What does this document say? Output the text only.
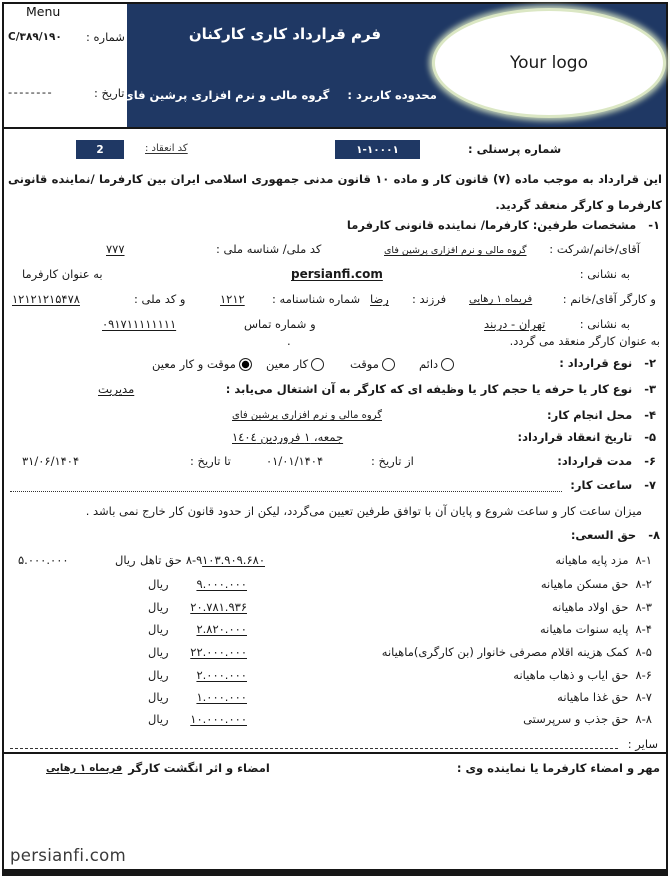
Menu
شماره :
C/۳۸۹/۱۹۰
تاریخ :
--------
فرم قرارداد کاری کارکنان
محدوده کاربرد :
گروه مالی و نرم افزاری پرشین فای
Your logo
شماره پرسنلی :
۱-۱۰۰۰۱
کد انعقاد :
2
این قرارداد به موجب ماده (۷) قانون کار و ماده ۱۰ قانون مدنی جمهوری اسلامی ایران بین کارفرما /نماینده قانونی کارفرما و کارگر منعقد گردید.
۱-
مشخصات طرفین: کارفرما/ نماینده قانونی کارفرما
آقای/خانم/شرکت :
گروه مالی و نرم افزاری پرشین فای
کد ملی/ شناسه ملی :
۷۷۷
به نشانی :
persianfi.com
به عنوان کارفرما
و کارگر آقای/خانم :
فریماه ۱ رهایی
فرزند :
رضا
شماره شناسنامه :
۱۲۱۲
و کد ملی :
۱۲۱۲۱۲۱۵۴۷۸
به نشانی :
تهران - دربند
و شماره تماس
۰۹۱۷۱۱۱۱۱۱۱۱
به عنوان کارگر منعقد می گردد.
.
۲-
نوع قرارداد :
دائم
موقت
کار معین
موقت و کار معین
۳-
نوع کار یا حرفه یا حجم کار یا وظیفه ای که کارگر به آن اشتغال می‌یابد :
مدیریت
۴-
محل انجام کار:
گروه مالی و نرم افزاری پرشین فای
۵-
تاریخ انعقاد قرارداد:
جمعه، ١ فروردین ١٤٠٤
۶-
مدت قرارداد:
از تاریخ :
۰۱/۰۱/۱۴۰۴
تا تاریخ :
۳۱/۰۶/۱۴۰۴
۷-
ساعت کار:
میزان ساعت کار و ساعت شروع و پایان آن با توافق طرفین تعیین می‌گردد، لیکن از حدود قانون کار خارج نمی باشد .
۸-
حق السعی:
۸-۱
مزد پایه ماهیانه
۱۰۳.۹۰۹.۶۸۰
ریال	۸-۹
حق تاهل
۵.۰۰۰.۰۰۰
۸-۲
حق مسکن ماهیانه
۹.۰۰۰.۰۰۰
ریال
۸-۳
حق اولاد ماهیانه
۲۰.۷۸۱.۹۳۶
ریال
۸-۴
پایه سنوات ماهیانه
۲.۸۲۰.۰۰۰
ریال
۸-۵
کمک هزینه اقلام مصرفی خانوار (بن کارگری)ماهیانه
۲۲.۰۰۰.۰۰۰
ریال
۸-۶
حق ایاب و ذهاب ماهیانه
۲.۰۰۰.۰۰۰
ریال
۸-۷
حق غذا ماهیانه
۱.۰۰۰.۰۰۰
ریال
۸-۸
حق جذب و سرپرستی
۱۰.۰۰۰.۰۰۰
ریال
سایر :
مهر و امضاء کارفرما یا نماینده وی :
امضاء و اثر انگشت کارگر
فریماه ۱ رهایی
persianfi.com
